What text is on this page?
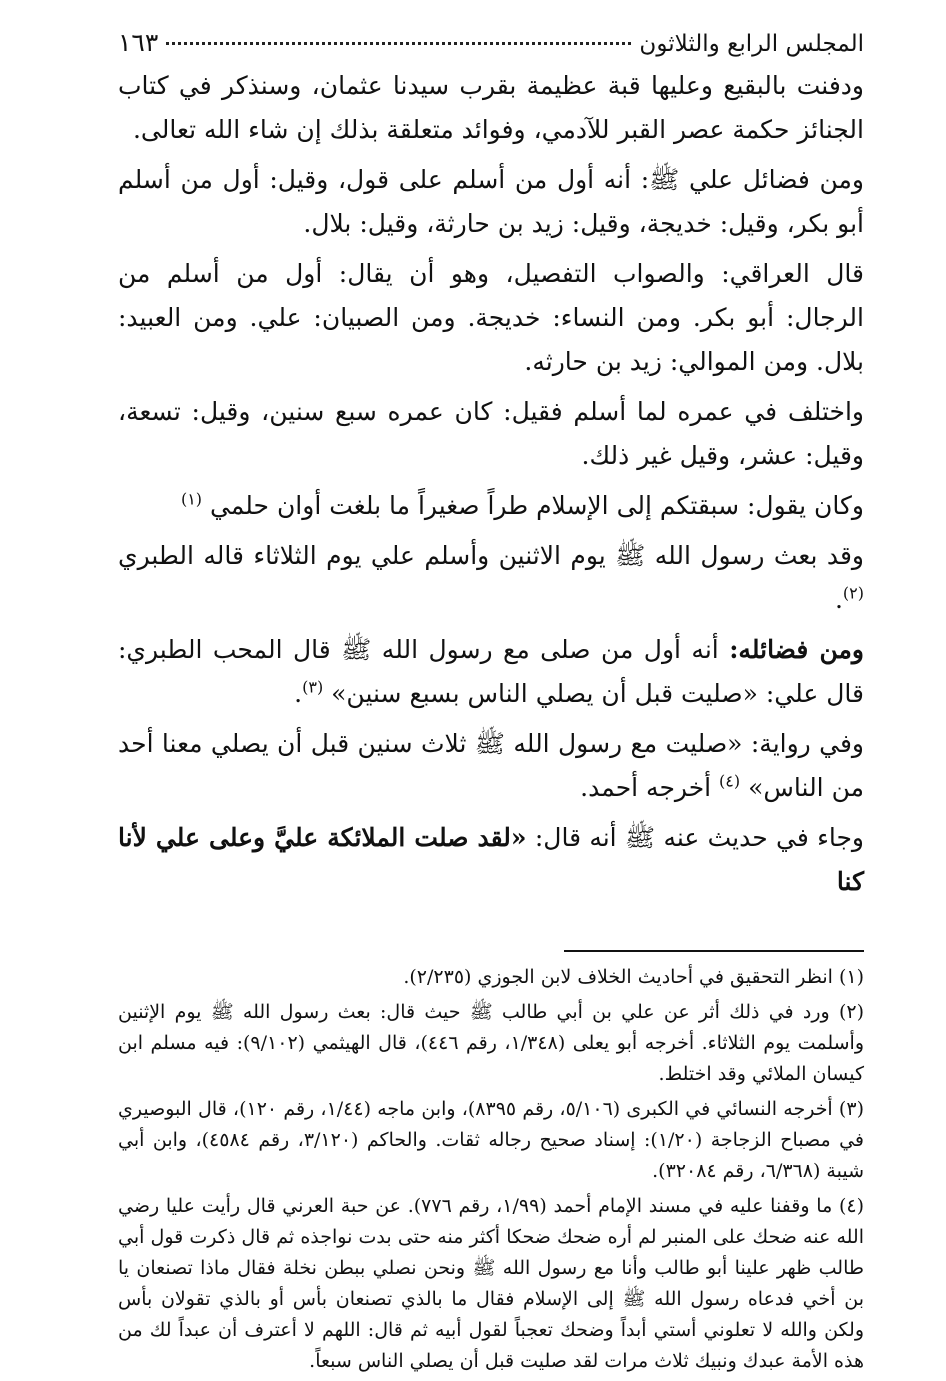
المجلس الرابع والثلاثون
١٦٣

ودفنت بالبقيع وعليها قبة عظيمة بقرب سيدنا عثمان، وسنذكر في كتاب الجنائز حكمة عصر القبر للآدمي، وفوائد متعلقة بذلك إن شاء الله تعالى.

ومن فضائل علي ﷺ: أنه أول من أسلم على قول، وقيل: أول من أسلم أبو بكر، وقيل: خديجة، وقيل: زيد بن حارثة، وقيل: بلال.

قال العراقي: والصواب التفصيل، وهو أن يقال: أول من أسلم من الرجال: أبو بكر. ومن النساء: خديجة. ومن الصبيان: علي. ومن العبيد: بلال. ومن الموالي: زيد بن حارثه.

واختلف في عمره لما أسلم فقيل: كان عمره سبع سنين، وقيل: تسعة، وقيل: عشر، وقيل غير ذلك.

وكان يقول: سبقتكم إلى الإسلام طراً صغيراً ما بلغت أوان حلمي $^{(١)}$

وقد بعث رسول الله ﷺ يوم الاثنين وأسلم علي يوم الثلاثاء قاله الطبري $^{(٢)}$.

ومن فضائله: أنه أول من صلى مع رسول الله ﷺ قال المحب الطبري: قال علي: «صليت قبل أن يصلي الناس بسبع سنين» $^{(٣)}$.

وفي رواية: «صليت مع رسول الله ﷺ ثلاث سنين قبل أن يصلي معنا أحد من الناس» $^{(٤)}$ أخرجه أحمد.

وجاء في حديث عنه ﷺ أنه قال: «لقد صلت الملائكة عليَّ وعلى علي لأنا كنا

(١) انظر التحقيق في أحاديث الخلاف لابن الجوزي (٢/٢٣٥).

(٢) ورد في ذلك أثر عن علي بن أبي طالب ﷺ حيث قال: بعث رسول الله ﷺ يوم الإثنين وأسلمت يوم الثلاثاء. أخرجه أبو يعلى (١/٣٤٨، رقم ٤٤٦)، قال الهيثمي (٩/١٠٢): فيه مسلم ابن كيسان الملائي وقد اختلط.

(٣) أخرجه النسائي في الكبرى (٥/١٠٦، رقم ٨٣٩٥)، وابن ماجه (١/٤٤، رقم ١٢٠)، قال البوصيري في مصباح الزجاجة (١/٢٠): إسناد صحيح رجاله ثقات. والحاكم (٣/١٢٠، رقم ٤٥٨٤)، وابن أبي شيبة (٦/٣٦٨، رقم ٣٢٠٨٤).

(٤) ما وقفنا عليه في مسند الإمام أحمد (١/٩٩، رقم ٧٧٦). عن حبة العرني قال رأيت عليا رضي الله عنه ضحك على المنبر لم أره ضحك ضحكا أكثر منه حتى بدت نواجذه ثم قال ذكرت قول أبي طالب ظهر علينا أبو طالب وأنا مع رسول الله ﷺ ونحن نصلي ببطن نخلة فقال ماذا تصنعان يا بن أخي فدعاه رسول الله ﷺ إلى الإسلام فقال ما بالذي تصنعان بأس أو بالذي تقولان بأس ولكن والله لا تعلوني أستي أبداً وضحك تعجباً لقول أبيه ثم قال: اللهم لا أعترف أن عبداً لك من هذه الأمة عبدك ونبيك ثلاث مرات لقد صليت قبل أن يصلي الناس سبعاً.
